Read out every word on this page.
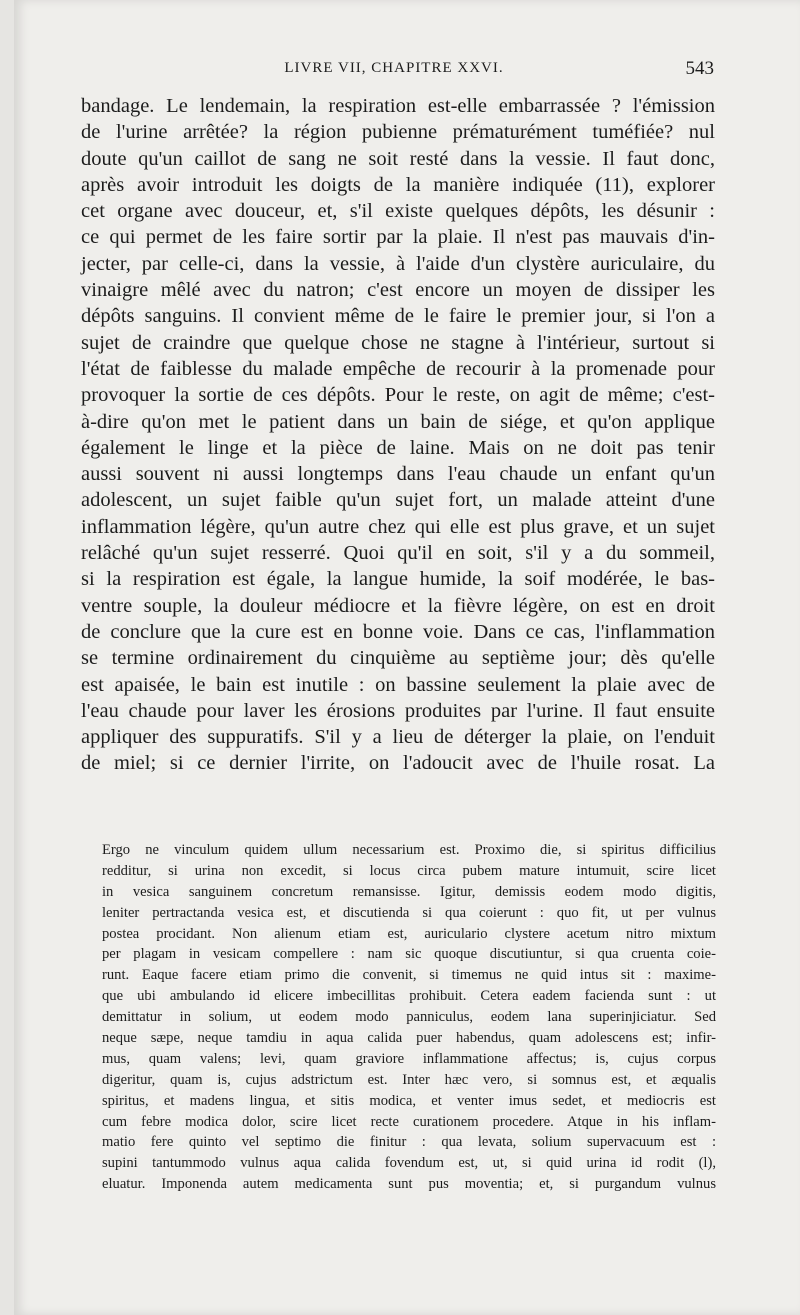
LIVRE VII, CHAPITRE XXVI.	543
bandage. Le lendemain, la respiration est-elle embarrassée ? l'émission
de l'urine arrêtée? la région pubienne prématurément tuméfiée? nul
doute qu'un caillot de sang ne soit resté dans la vessie. Il faut donc,
après avoir introduit les doigts de la manière indiquée (11), explorer
cet organe avec douceur, et, s'il existe quelques dépôts, les désunir :
ce qui permet de les faire sortir par la plaie. Il n'est pas mauvais d'in-
jecter, par celle-ci, dans la vessie, à l'aide d'un clystère auriculaire, du
vinaigre mêlé avec du natron; c'est encore un moyen de dissiper les
dépôts sanguins. Il convient même de le faire le premier jour, si l'on a
sujet de craindre que quelque chose ne stagne à l'intérieur, surtout si
l'état de faiblesse du malade empêche de recourir à la promenade pour
provoquer la sortie de ces dépôts. Pour le reste, on agit de même; c'est-
à-dire qu'on met le patient dans un bain de siége, et qu'on applique
également le linge et la pièce de laine. Mais on ne doit pas tenir
aussi souvent ni aussi longtemps dans l'eau chaude un enfant qu'un
adolescent, un sujet faible qu'un sujet fort, un malade atteint d'une
inflammation légère, qu'un autre chez qui elle est plus grave, et un sujet
relâché qu'un sujet resserré. Quoi qu'il en soit, s'il y a du sommeil,
si la respiration est égale, la langue humide, la soif modérée, le bas-
ventre souple, la douleur médiocre et la fièvre légère, on est en droit
de conclure que la cure est en bonne voie. Dans ce cas, l'inflammation
se termine ordinairement du cinquième au septième jour; dès qu'elle
est apaisée, le bain est inutile : on bassine seulement la plaie avec de
l'eau chaude pour laver les érosions produites par l'urine. Il faut ensuite
appliquer des suppuratifs. S'il y a lieu de déterger la plaie, on l'enduit
de miel; si ce dernier l'irrite, on l'adoucit avec de l'huile rosat. La
Ergo ne vinculum quidem ullum necessarium est. Proximo die, si spiritus difficilius
redditur, si urina non excedit, si locus circa pubem mature intumuit, scire licet
in vesica sanguinem concretum remansisse. Igitur, demissis eodem modo digitis,
leniter pertractanda vesica est, et discutienda si qua coierunt : quo fit, ut per vulnus
postea procidant. Non alienum etiam est, auriculario clystere acetum nitro mixtum
per plagam in vesicam compellere : nam sic quoque discutiuntur, si qua cruenta coie-
runt. Eaque facere etiam primo die convenit, si timemus ne quid intus sit : maxime-
que ubi ambulando id elicere imbecillitas prohibuit. Cetera eadem facienda sunt : ut
demittatur in solium, ut eodem modo panniculus, eodem lana superinjiciatur. Sed
neque sæpe, neque tamdiu in aqua calida puer habendus, quam adolescens est; infir-
mus, quam valens; levi, quam graviore inflammatione affectus; is, cujus corpus
digeritur, quam is, cujus adstrictum est. Inter hæc vero, si somnus est, et æqualis
spiritus, et madens lingua, et sitis modica, et venter imus sedet, et mediocris est
cum febre modica dolor, scire licet recte curationem procedere. Atque in his inflam-
matio fere quinto vel septimo die finitur : qua levata, solium supervacuum est :
supini tantummodo vulnus aqua calida fovendum est, ut, si quid urina id rodit (l),
eluatur. Imponenda autem medicamenta sunt pus moventia; et, si purgandum vulnus
